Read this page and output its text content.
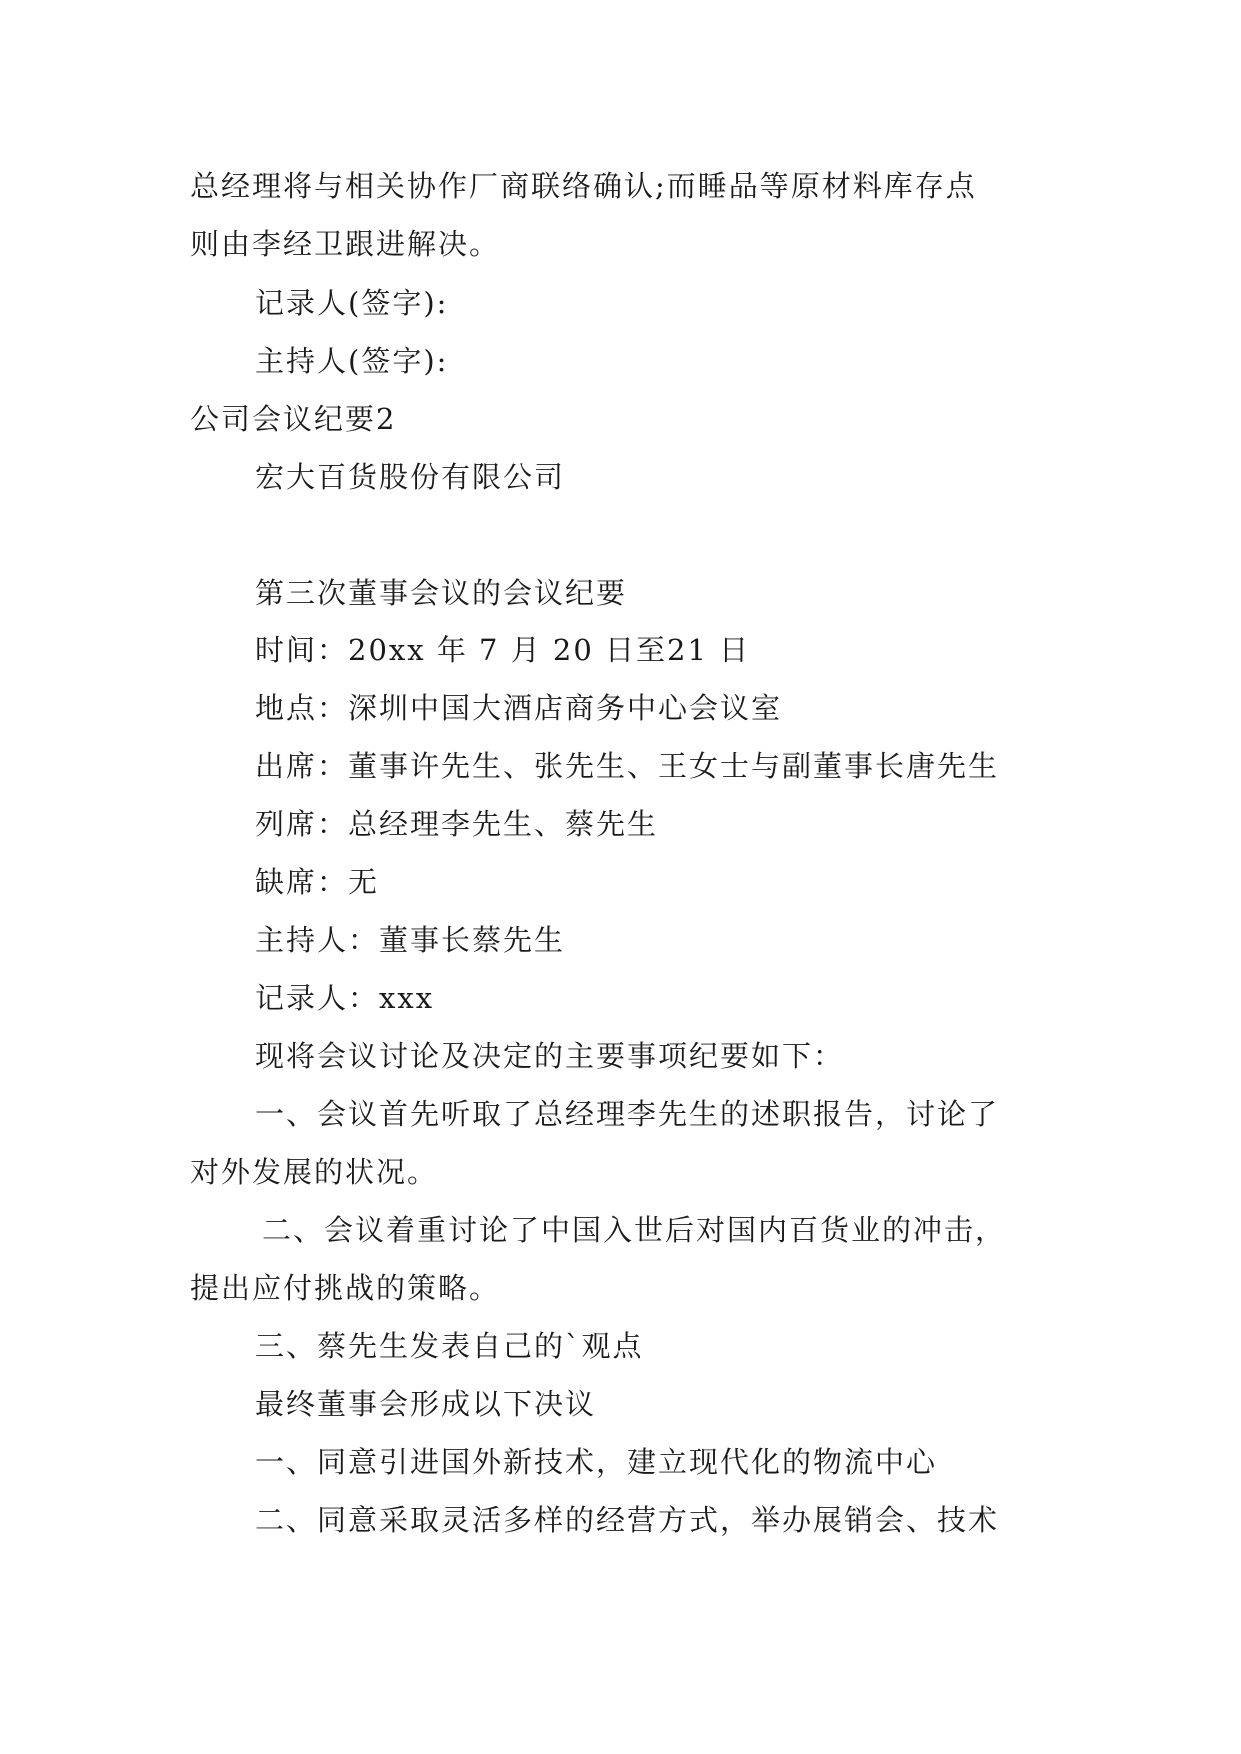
总经理将与相关协作厂商联络确认;而睡品等原材料库存点
则由李经卫跟进解决。
记录人(签字):
主持人(签字):
公司会议纪要2
宏大百货股份有限公司
第三次董事会议的会议纪要
时间：20xx 年 7 月 20 日至21 日
地点：深圳中国大酒店商务中心会议室
出席：董事许先生、张先生、王女士与副董事长唐先生
列席：总经理李先生、蔡先生
缺席：无
主持人：董事长蔡先生
记录人：xxx
现将会议讨论及决定的主要事项纪要如下：
一、会议首先听取了总经理李先生的述职报告，讨论了
对外发展的状况。
二、会议着重讨论了中国入世后对国内百货业的冲击，
提出应付挑战的策略。
三、蔡先生发表自己的`观点
最终董事会形成以下决议
一、同意引进国外新技术，建立现代化的物流中心
二、同意采取灵活多样的经营方式，举办展销会、技术
